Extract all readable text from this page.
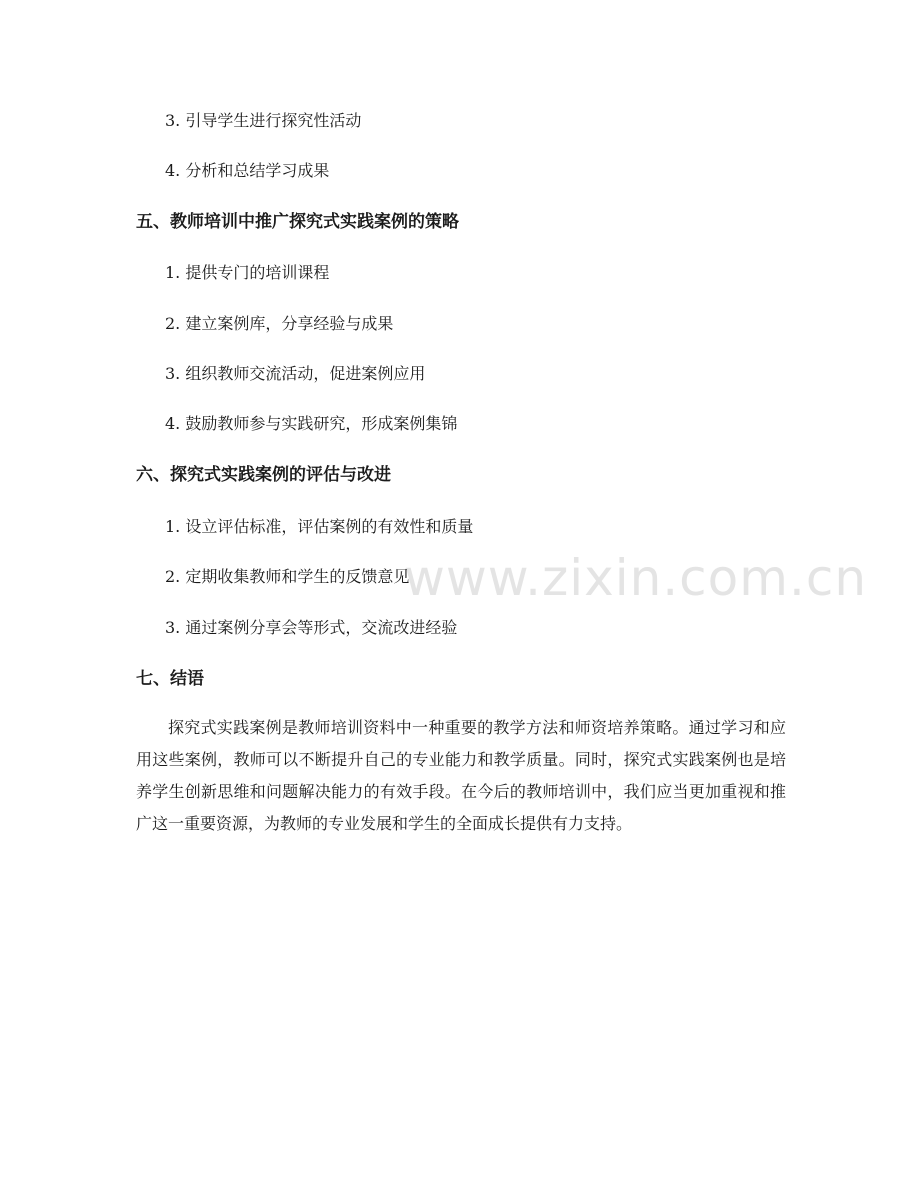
www.zixin.com.cn
3. 引导学生进行探究性活动
4. 分析和总结学习成果
五、教师培训中推广探究式实践案例的策略
1. 提供专门的培训课程
2. 建立案例库，分享经验与成果
3. 组织教师交流活动，促进案例应用
4. 鼓励教师参与实践研究，形成案例集锦
六、探究式实践案例的评估与改进
1. 设立评估标准，评估案例的有效性和质量
2. 定期收集教师和学生的反馈意见
3. 通过案例分享会等形式，交流改进经验
七、结语
探究式实践案例是教师培训资料中一种重要的教学方法和师资培养策略。通过学习和应用这些案例，教师可以不断提升自己的专业能力和教学质量。同时，探究式实践案例也是培养学生创新思维和问题解决能力的有效手段。在今后的教师培训中，我们应当更加重视和推广这一重要资源，为教师的专业发展和学生的全面成长提供有力支持。
